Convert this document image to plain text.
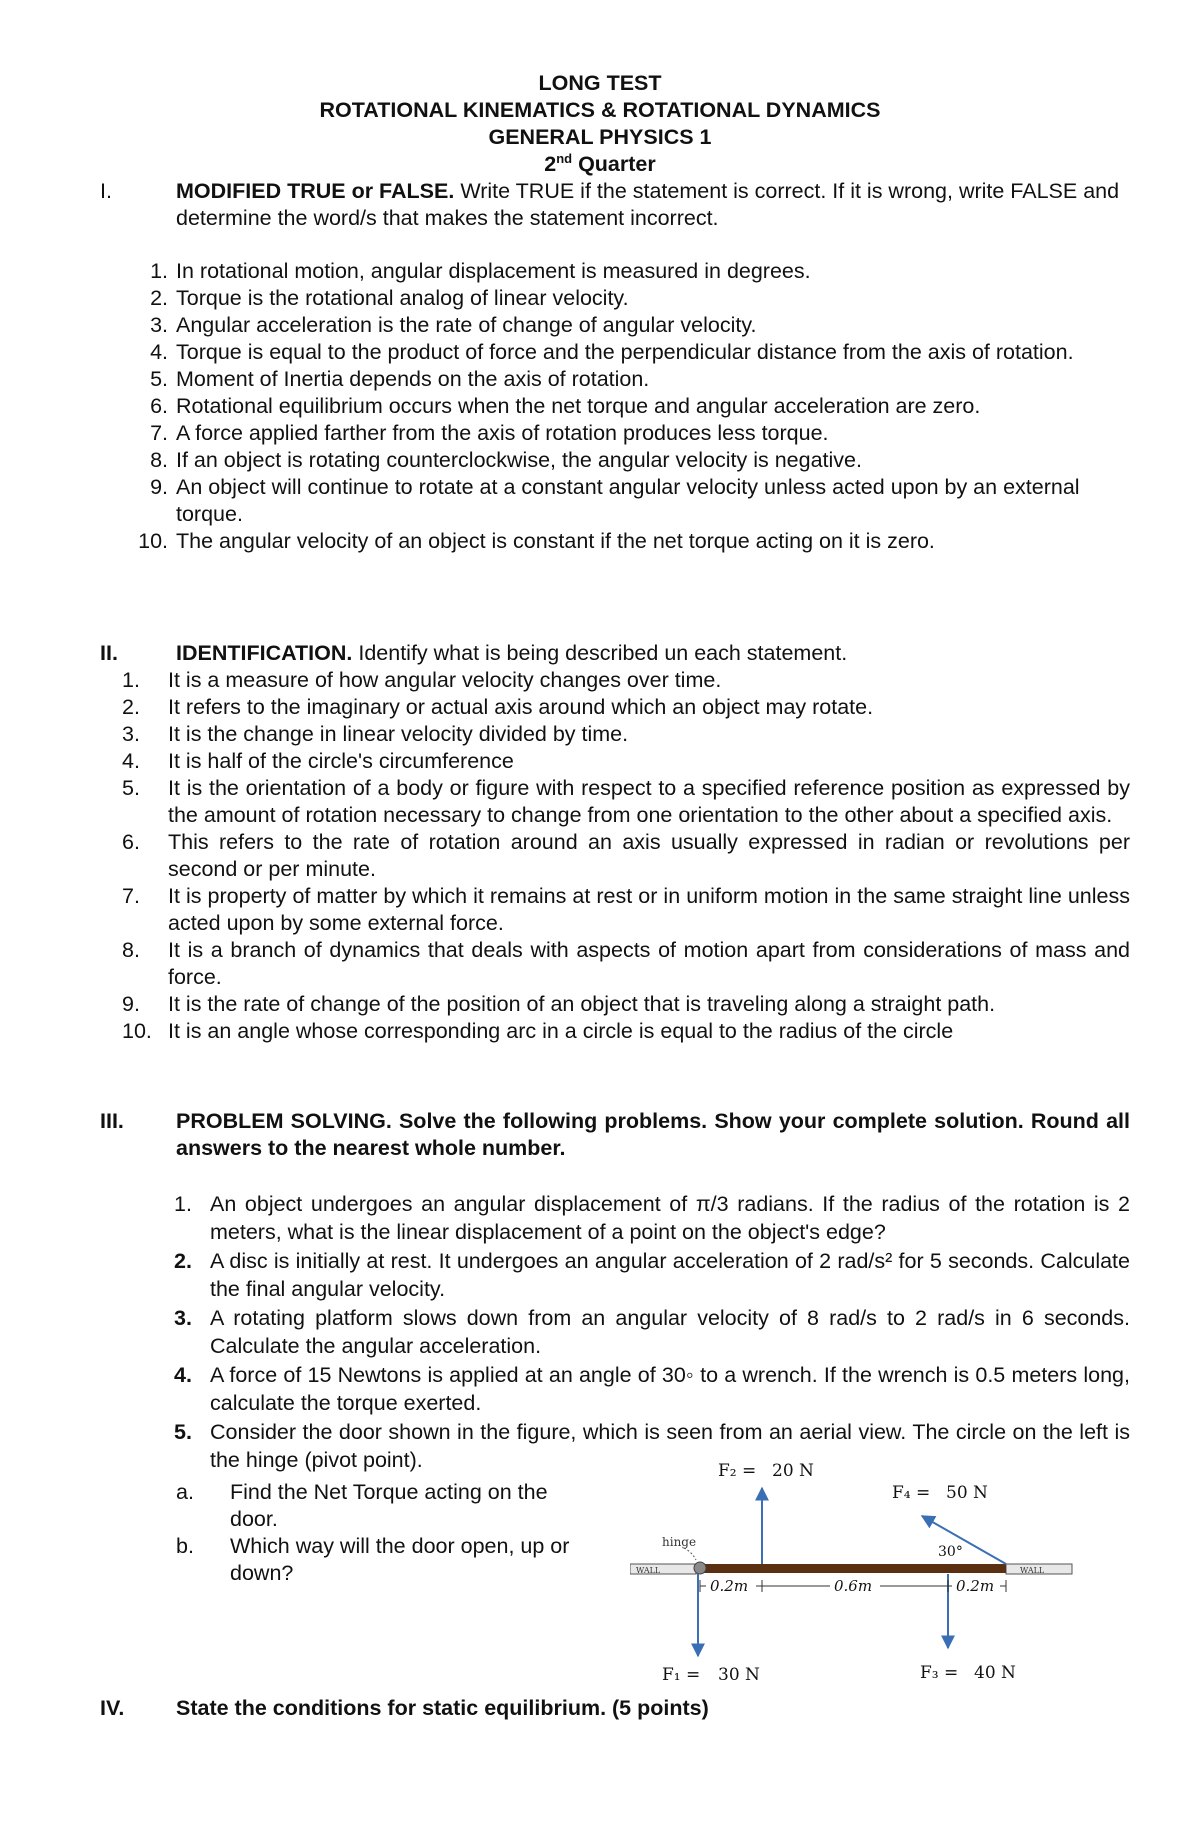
LONG TEST
ROTATIONAL KINEMATICS & ROTATIONAL DYNAMICS
GENERAL PHYSICS 1
2nd Quarter
I.	MODIFIED TRUE or FALSE. Write TRUE if the statement is correct. If it is wrong, write FALSE and determine the word/s that makes the statement incorrect.
1. In rotational motion, angular displacement is measured in degrees.
2. Torque is the rotational analog of linear velocity.
3. Angular acceleration is the rate of change of angular velocity.
4. Torque is equal to the product of force and the perpendicular distance from the axis of rotation.
5. Moment of Inertia depends on the axis of rotation.
6. Rotational equilibrium occurs when the net torque and angular acceleration are zero.
7. A force applied farther from the axis of rotation produces less torque.
8. If an object is rotating counterclockwise, the angular velocity is negative.
9. An object will continue to rotate at a constant angular velocity unless acted upon by an external torque.
10. The angular velocity of an object is constant if the net torque acting on it is zero.
II.	IDENTIFICATION. Identify what is being described un each statement.
1.	It is a measure of how angular velocity changes over time.
2.	It refers to the imaginary or actual axis around which an object may rotate.
3.	It is the change in linear velocity divided by time.
4.	It is half of the circle's circumference
5.	It is the orientation of a body or figure with respect to a specified reference position as expressed by the amount of rotation necessary to change from one orientation to the other about a specified axis.
6.	This refers to the rate of rotation around an axis usually expressed in radian or revolutions per second or per minute.
7.	It is property of matter by which it remains at rest or in uniform motion in the same straight line unless acted upon by some external force.
8.	It is a branch of dynamics that deals with aspects of motion apart from considerations of mass and force.
9.	It is the rate of change of the position of an object that is traveling along a straight path.
10. It is an angle whose corresponding arc in a circle is equal to the radius of the circle
III. PROBLEM SOLVING. Solve the following problems. Show your complete solution. Round all answers to the nearest whole number.
1. An object undergoes an angular displacement of π/3 radians. If the radius of the rotation is 2 meters, what is the linear displacement of a point on the object's edge?
2. A disc is initially at rest. It undergoes an angular acceleration of 2 rad/s² for 5 seconds. Calculate the final angular velocity.
3. A rotating platform slows down from an angular velocity of 8 rad/s to 2 rad/s in 6 seconds. Calculate the angular acceleration.
4. A force of 15 Newtons is applied at an angle of 30◦ to a wrench. If the wrench is 0.5 meters long, calculate the torque exerted.
5. Consider the door shown in the figure, which is seen from an aerial view. The circle on the left is the hinge (pivot point).
a. Find the Net Torque acting on the door.
b. Which way will the door open, up or down?	WALL	WALL
hinge
F₁ = 30 N
F₂ = 20 N
F₃ = 40 N
F₄ = 50 N
30°
0.2m	0.6m	0.2m
IV. State the conditions for static equilibrium. (5 points)
